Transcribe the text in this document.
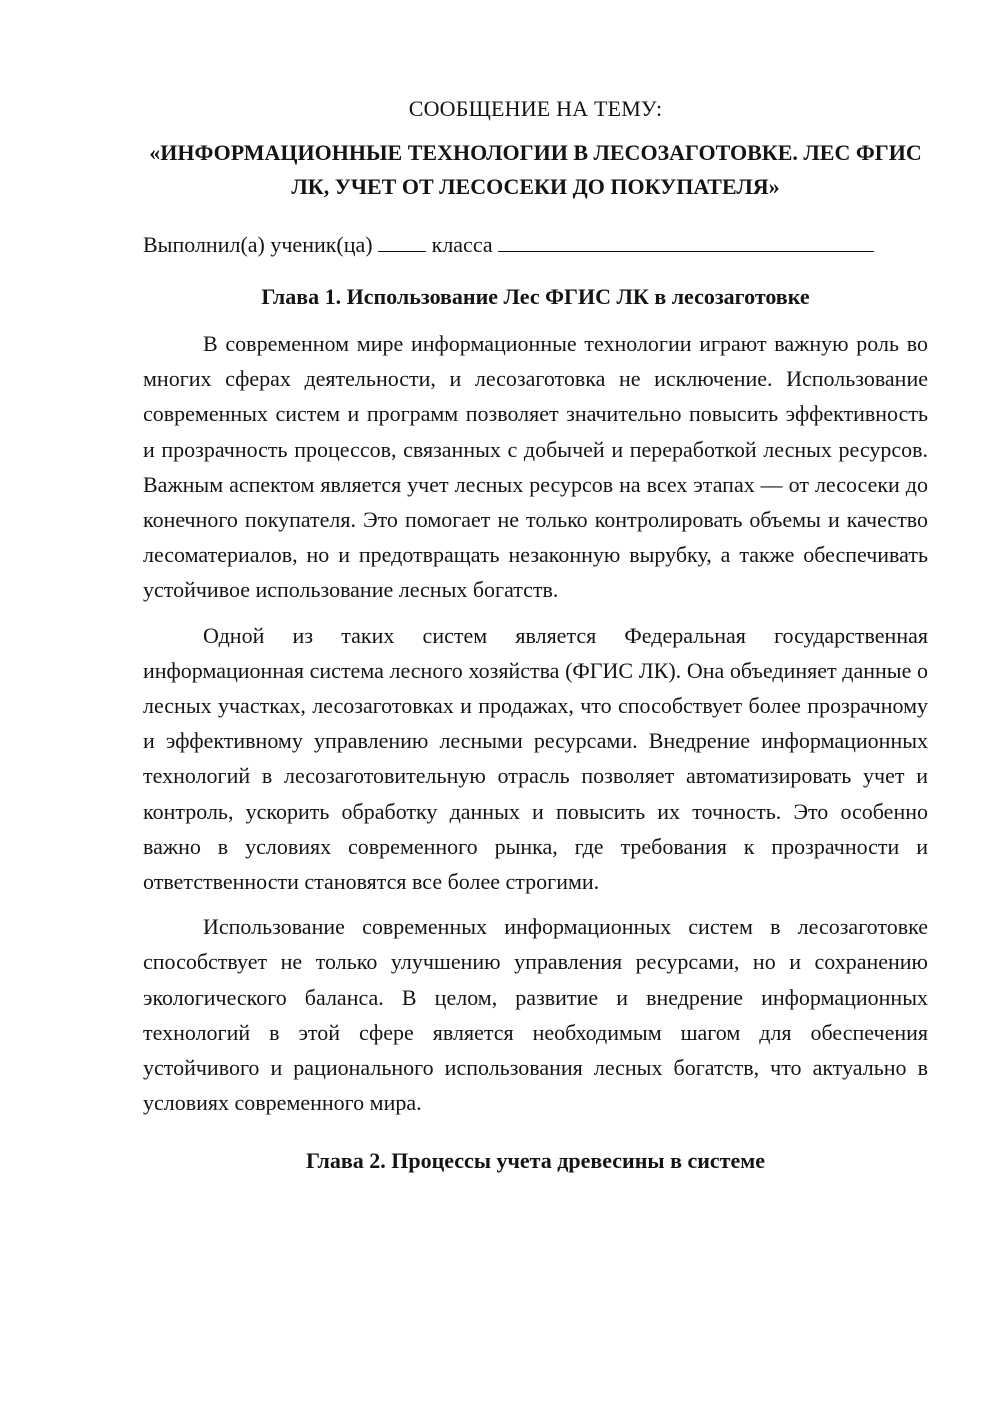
СООБЩЕНИЕ НА ТЕМУ:
«ИНФОРМАЦИОННЫЕ ТЕХНОЛОГИИ В ЛЕСОЗАГОТОВКЕ. ЛЕС ФГИС ЛК, УЧЕТ ОТ ЛЕСОСЕКИ ДО ПОКУПАТЕЛЯ»
Выполнил(а) ученик(ца)	класса
Глава 1. Использование Лес ФГИС ЛК в лесозаготовке

В современном мире информационные технологии играют важную роль во многих сферах деятельности, и лесозаготовка не исключение. Использование современных систем и программ позволяет значительно повысить эффективность и прозрачность процессов, связанных с добычей и переработкой лесных ресурсов. Важным аспектом является учет лесных ресурсов на всех этапах — от лесосеки до конечного покупателя. Это помогает не только контролировать объемы и качество лесоматериалов, но и предотвращать незаконную вырубку, а также обеспечивать устойчивое использование лесных богатств.

Одной из таких систем является Федеральная государственная информационная система лесного хозяйства (ФГИС ЛК). Она объединяет данные о лесных участках, лесозаготовках и продажах, что способствует более прозрачному и эффективному управлению лесными ресурсами. Внедрение информационных технологий в лесозаготовительную отрасль позволяет автоматизировать учет и контроль, ускорить обработку данных и повысить их точность. Это особенно важно в условиях современного рынка, где требования к прозрачности и ответственности становятся все более строгими.

Использование современных информационных систем в лесозаготовке способствует не только улучшению управления ресурсами, но и сохранению экологического баланса. В целом, развитие и внедрение информационных технологий в этой сфере является необходимым шагом для обеспечения устойчивого и рационального использования лесных богатств, что актуально в условиях современного мира.

Глава 2. Процессы учета древесины в системе
